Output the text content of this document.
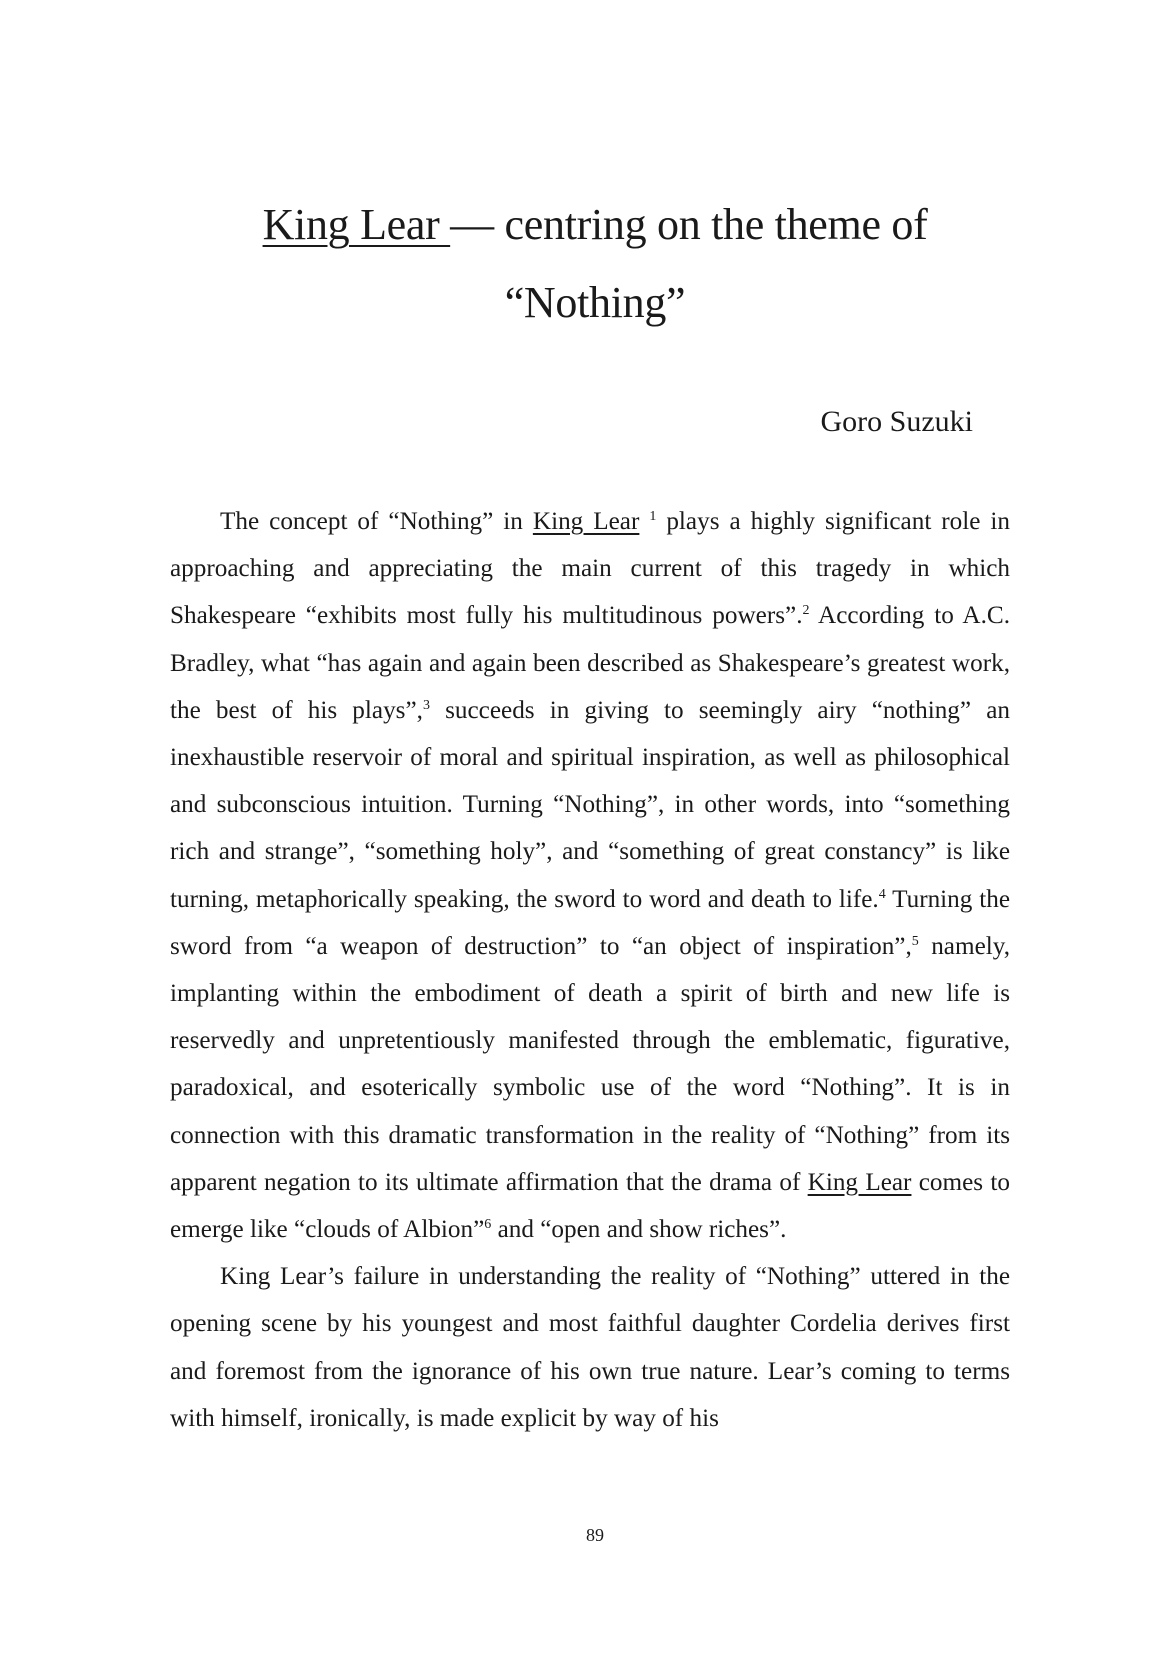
King Lear — centring on the theme of
“Nothing”
Goro Suzuki

The concept of “Nothing” in King Lear $^1$ plays a highly significant role in approaching and appreciating the main current of this tragedy in which Shakespeare “exhibits most fully his multitudinous powers”.$^2$ According to A.C. Bradley, what “has again and again been described as Shakespeare’s greatest work, the best of his plays”,$^3$ succeeds in giving to seemingly airy “nothing” an inexhaustible reservoir of moral and spiritual inspiration, as well as philosophical and subconscious intuition. Turning “Nothing”, in other words, into “something rich and strange”, “something holy”, and “something of great constancy” is like turning, metaphorically speaking, the sword to word and death to life.$^4$ Turning the sword from “a weapon of destruction” to “an object of inspiration”,$^5$ namely, implanting within the embodiment of death a spirit of birth and new life is reservedly and unpretentiously manifested through the emblematic, figurative, paradoxical, and esoterically symbolic use of the word “Nothing”. It is in connection with this dramatic transformation in the reality of “Nothing” from its apparent negation to its ultimate affirmation that the drama of King Lear comes to emerge like “clouds of Albion”$^6$ and “open and show riches”.

King Lear’s failure in understanding the reality of “Nothing” uttered in the opening scene by his youngest and most faithful daughter Cordelia derives first and foremost from the ignorance of his own true nature. Lear’s coming to terms with himself, ironically, is made explicit by way of his

89
